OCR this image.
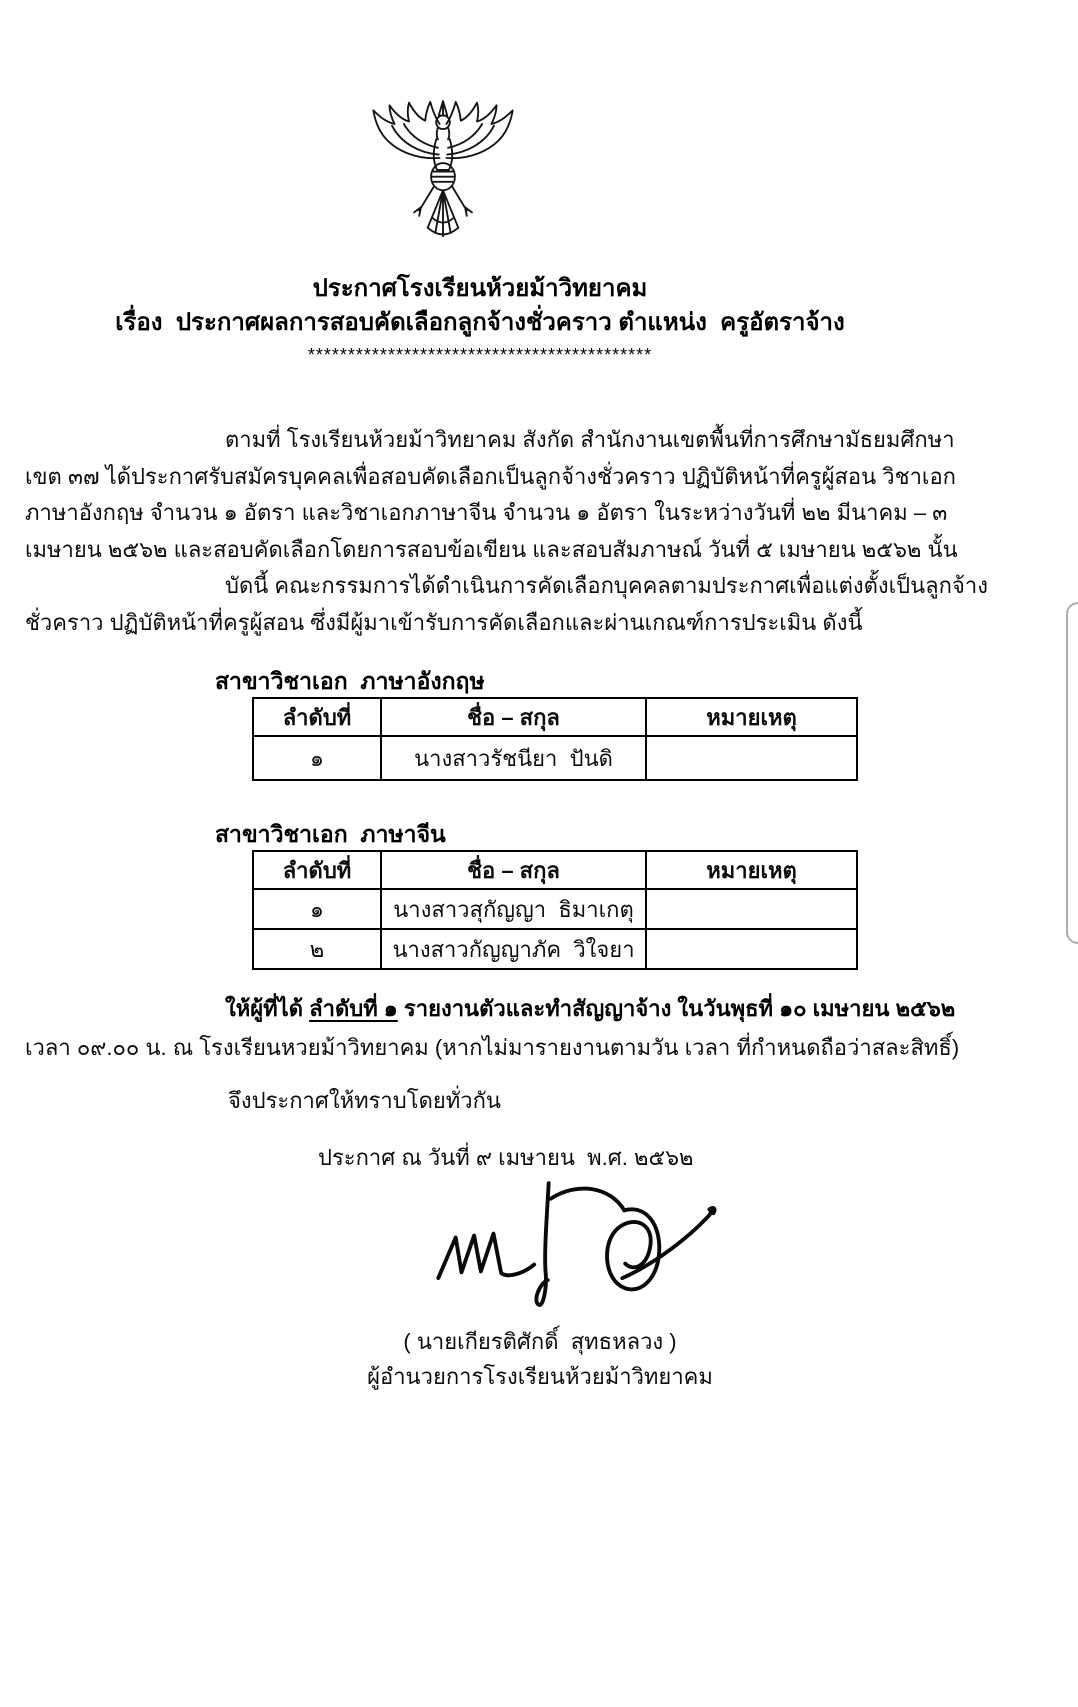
ประกาศโรงเรียนห้วยม้าวิทยาคม
เรื่อง  ประกาศผลการสอบคัดเลือกลูกจ้างชั่วคราว ตำแหน่ง  ครูอัตราจ้าง
*******************************************
ตามที่ โรงเรียนห้วยม้าวิทยาคม สังกัด สำนักงานเขตพื้นที่การศึกษามัธยมศึกษา
เขต ๓๗ ได้ประกาศรับสมัครบุคคลเพื่อสอบคัดเลือกเป็นลูกจ้างชั่วคราว ปฏิบัติหน้าที่ครูผู้สอน วิชาเอก
ภาษาอังกฤษ จำนวน ๑ อัตรา และวิชาเอกภาษาจีน จำนวน ๑ อัตรา ในระหว่างวันที่ ๒๒ มีนาคม – ๓
เมษายน ๒๕๖๒ และสอบคัดเลือกโดยการสอบข้อเขียน และสอบสัมภาษณ์ วันที่ ๕ เมษายน ๒๕๖๒ นั้น
บัดนี้ คณะกรรมการได้ดำเนินการคัดเลือกบุคคลตามประกาศเพื่อแต่งตั้งเป็นลูกจ้าง
ชั่วคราว ปฏิบัติหน้าที่ครูผู้สอน ซึ่งมีผู้มาเข้ารับการคัดเลือกและผ่านเกณฑ์การประเมิน ดังนี้
สาขาวิชาเอก  ภาษาอังกฤษ
ลำดับที่	ชื่อ – สกุล	หมายเหตุ
๑	นางสาวรัชนียา  ปันดิ	
สาขาวิชาเอก  ภาษาจีน
ลำดับที่	ชื่อ – สกุล	หมายเหตุ
๑	นางสาวสุกัญญา  ธิมาเกตุ	
๒	นางสาวกัญญาภัค  วิใจยา	
ให้ผู้ที่ได้ ลำดับที่ ๑ รายงานตัวและทำสัญญาจ้าง ในวันพุธที่ ๑๐ เมษายน ๒๕๖๒
เวลา ๐๙.๐๐ น. ณ โรงเรียนหวยม้าวิทยาคม (หากไม่มารายงานตามวัน เวลา ที่กำหนดถือว่าสละสิทธิ์)
จึงประกาศให้ทราบโดยทั่วกัน
ประกาศ ณ วันที่ ๙ เมษายน  พ.ศ. ๒๕๖๒
( นายเกียรติศักดิ์  สุทธหลวง )
ผู้อำนวยการโรงเรียนห้วยม้าวิทยาคม
